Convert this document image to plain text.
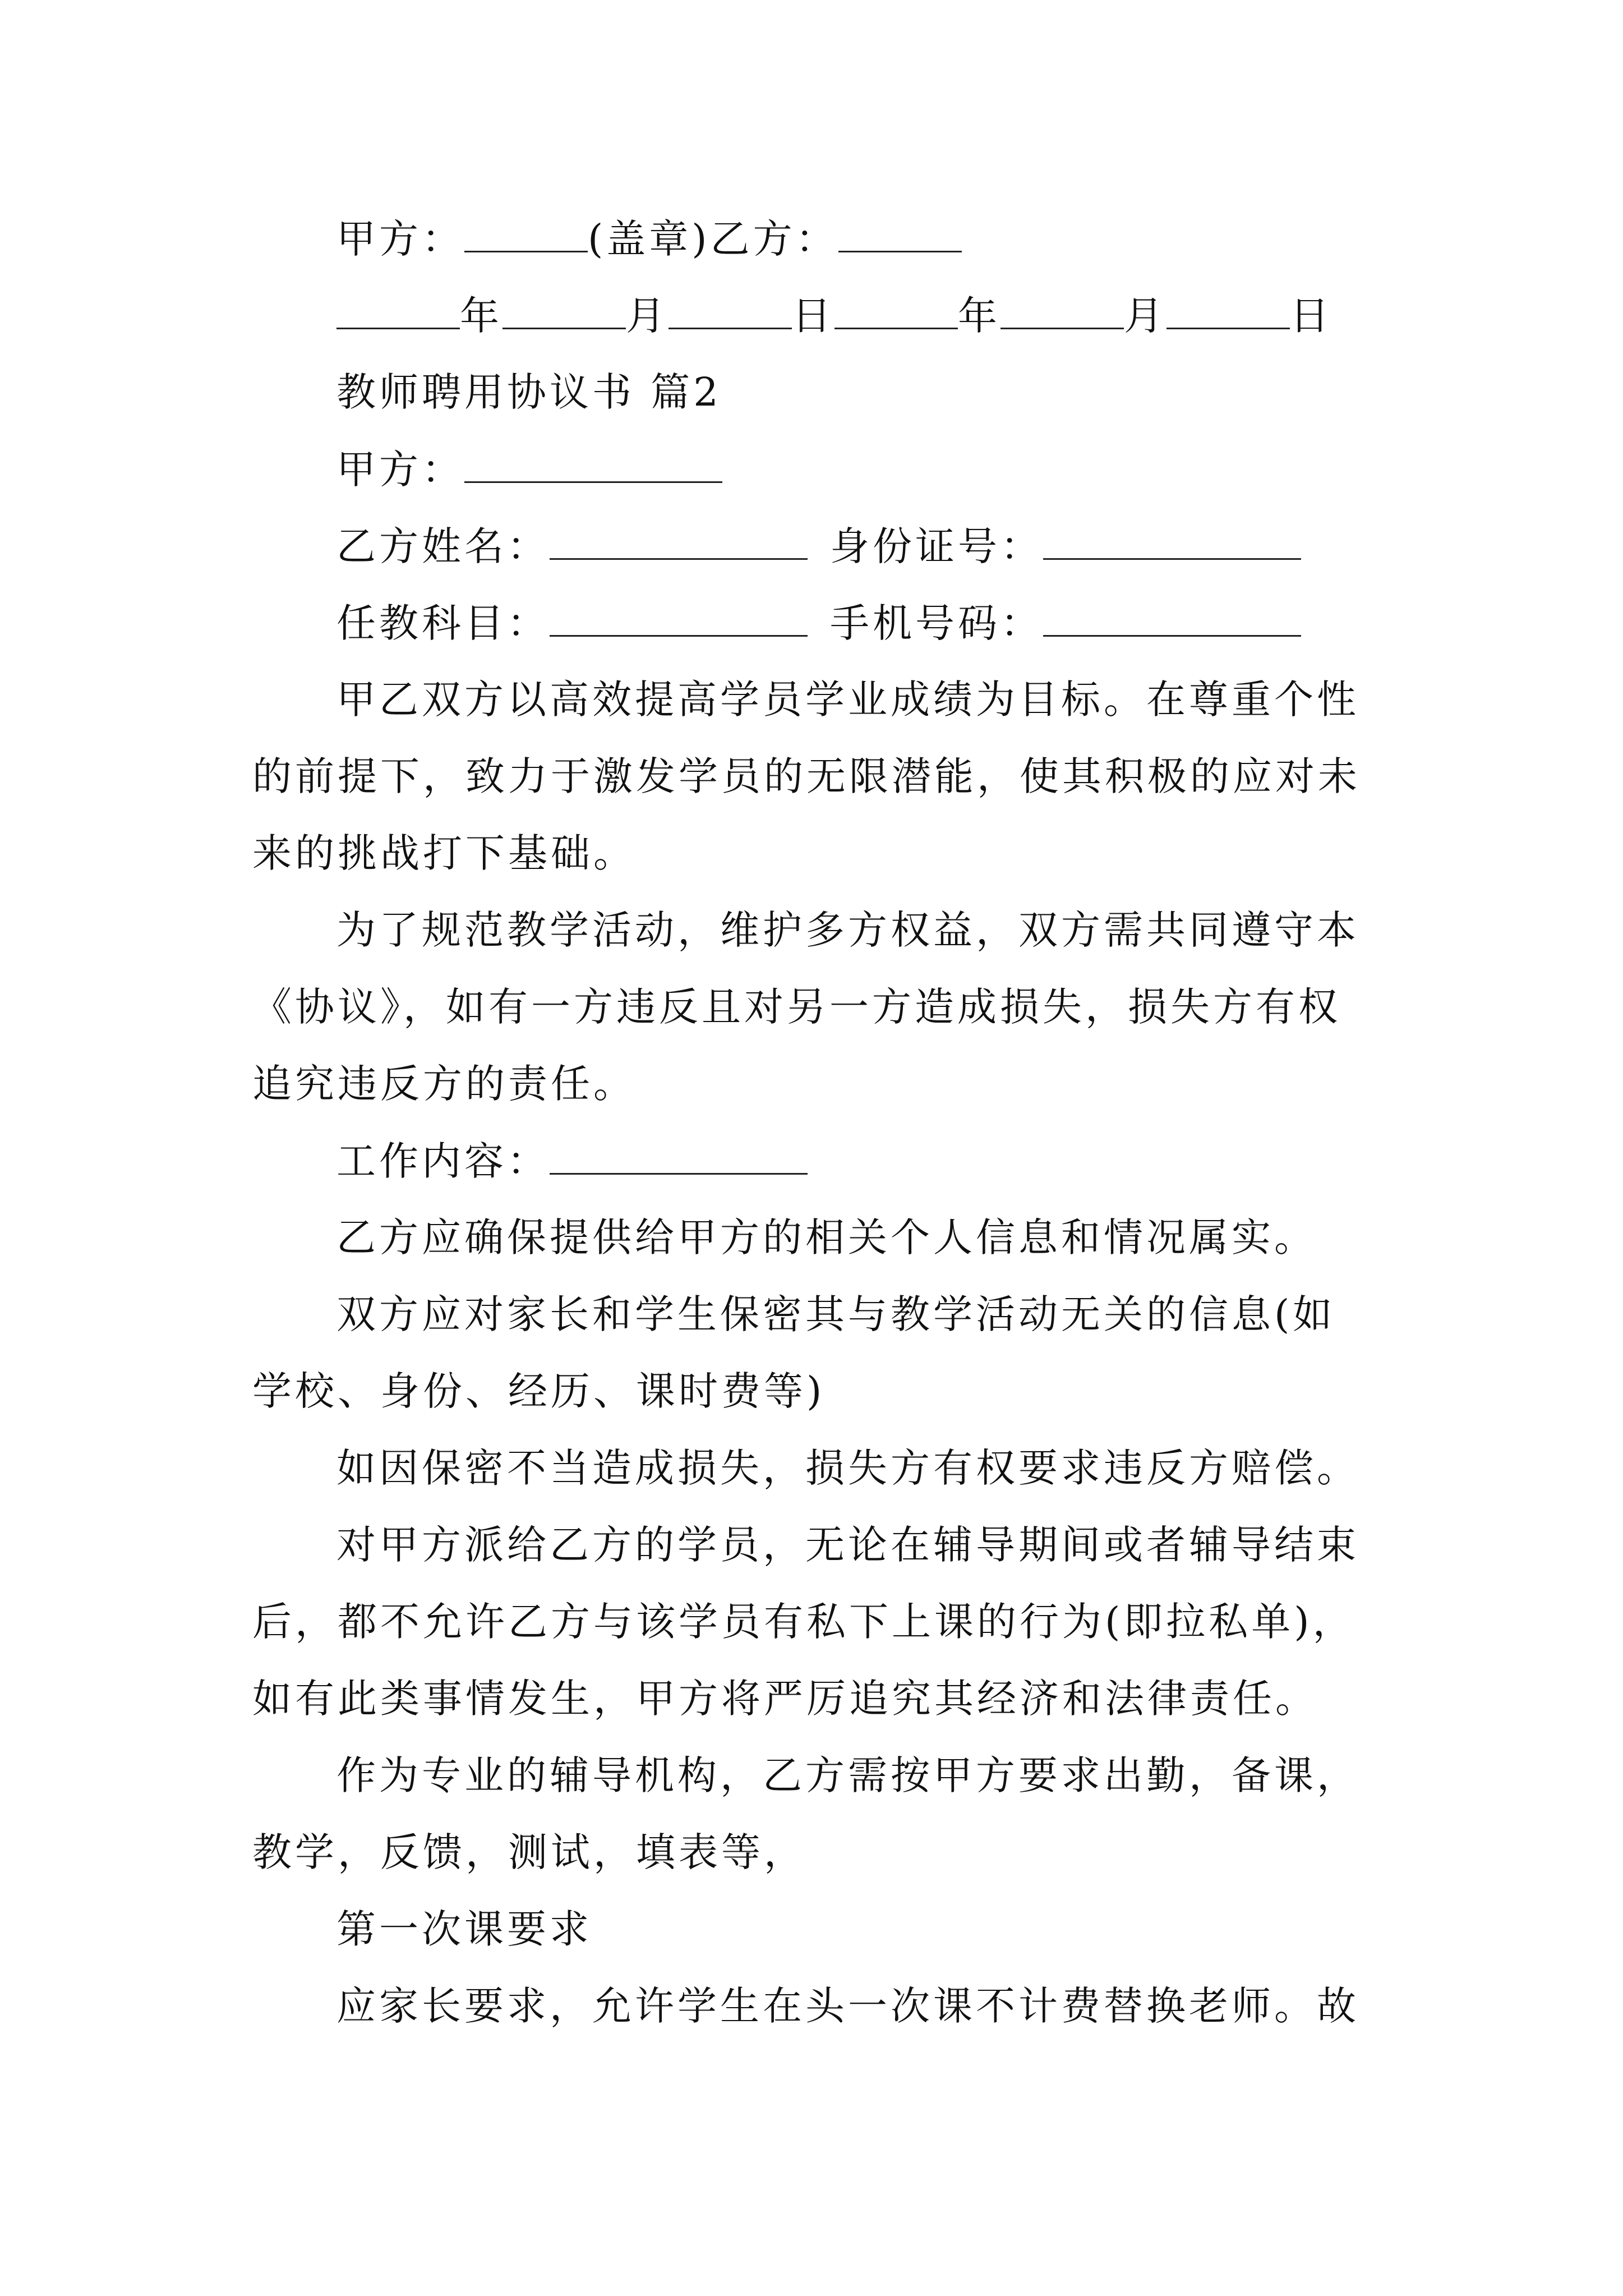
甲方：	(盖章)乙方：
年	月	日	年	月	日
教师聘用协议书 篇2
甲方：
乙方姓名：	身份证号：
任教科目：	手机号码：
甲乙双方以高效提高学员学业成绩为目标。在尊重个性
的前提下，致力于激发学员的无限潜能，使其积极的应对未
来的挑战打下基础。
为了规范教学活动，维护多方权益，双方需共同遵守本
《协议》，如有一方违反且对另一方造成损失，损失方有权
追究违反方的责任。
工作内容：
乙方应确保提供给甲方的相关个人信息和情况属实。
双方应对家长和学生保密其与教学活动无关的信息(如
学校、身份、经历、课时费等)
如因保密不当造成损失，损失方有权要求违反方赔偿。
对甲方派给乙方的学员，无论在辅导期间或者辅导结束
后，都不允许乙方与该学员有私下上课的行为(即拉私单)，
如有此类事情发生，甲方将严厉追究其经济和法律责任。
作为专业的辅导机构，乙方需按甲方要求出勤，备课，
教学，反馈，测试，填表等，
第一次课要求
应家长要求，允许学生在头一次课不计费替换老师。故
